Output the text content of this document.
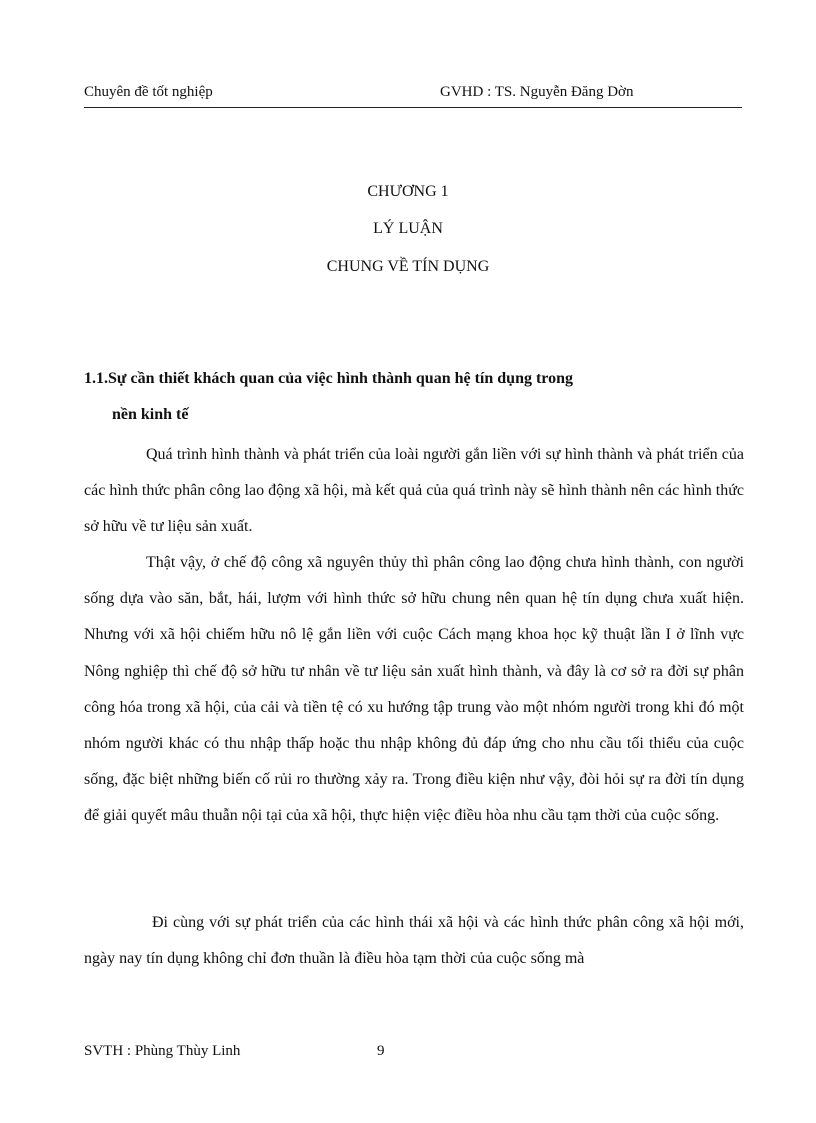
Chuyên đề tốt nghiệp	GVHD : TS. Nguyễn Đăng Dờn
CHƯƠNG 1
LÝ LUẬN
CHUNG VỀ TÍN DỤNG
1.1.Sự cần thiết khách quan của việc hình thành quan hệ tín dụng trong
nền kinh tế

Quá trình hình thành và phát triển của loài người gắn liền với sự hình thành và phát triển của các hình thức phân công lao động xã hội, mà kết quả của quá trình này sẽ hình thành nên các hình thức sở hữu về tư liệu sản xuất.

Thật vậy, ở chế độ công xã nguyên thủy thì phân công lao động chưa hình thành, con người sống dựa vào săn, bắt, hái, lượm với hình thức sở hữu chung nên quan hệ tín dụng chưa xuất hiện. Nhưng với xã hội chiếm hữu nô lệ gắn liền với cuộc Cách mạng khoa học kỹ thuật lần I ở lĩnh vực Nông nghiệp thì chế độ sở hữu tư nhân về tư liệu sản xuất hình thành, và đây là cơ sở ra đời sự phân công hóa trong xã hội, của cải và tiền tệ có xu hướng tập trung vào một nhóm người trong khi đó một nhóm người khác có thu nhập thấp hoặc thu nhập không đủ đáp ứng cho nhu cầu tối thiểu của cuộc sống, đặc biệt những biến cố rủi ro thường xảy ra. Trong điều kiện như vậy, đòi hỏi sự ra đời tín dụng để giải quyết mâu thuẫn nội tại của xã hội, thực hiện việc điều hòa nhu cầu tạm thời của cuộc sống.

Đi cùng với sự phát triển của các hình thái xã hội và các hình thức phân công xã hội mới, ngày nay tín dụng không chỉ đơn thuần là điều hòa tạm thời của cuộc sống mà

SVTH : Phùng Thùy Linh	9
